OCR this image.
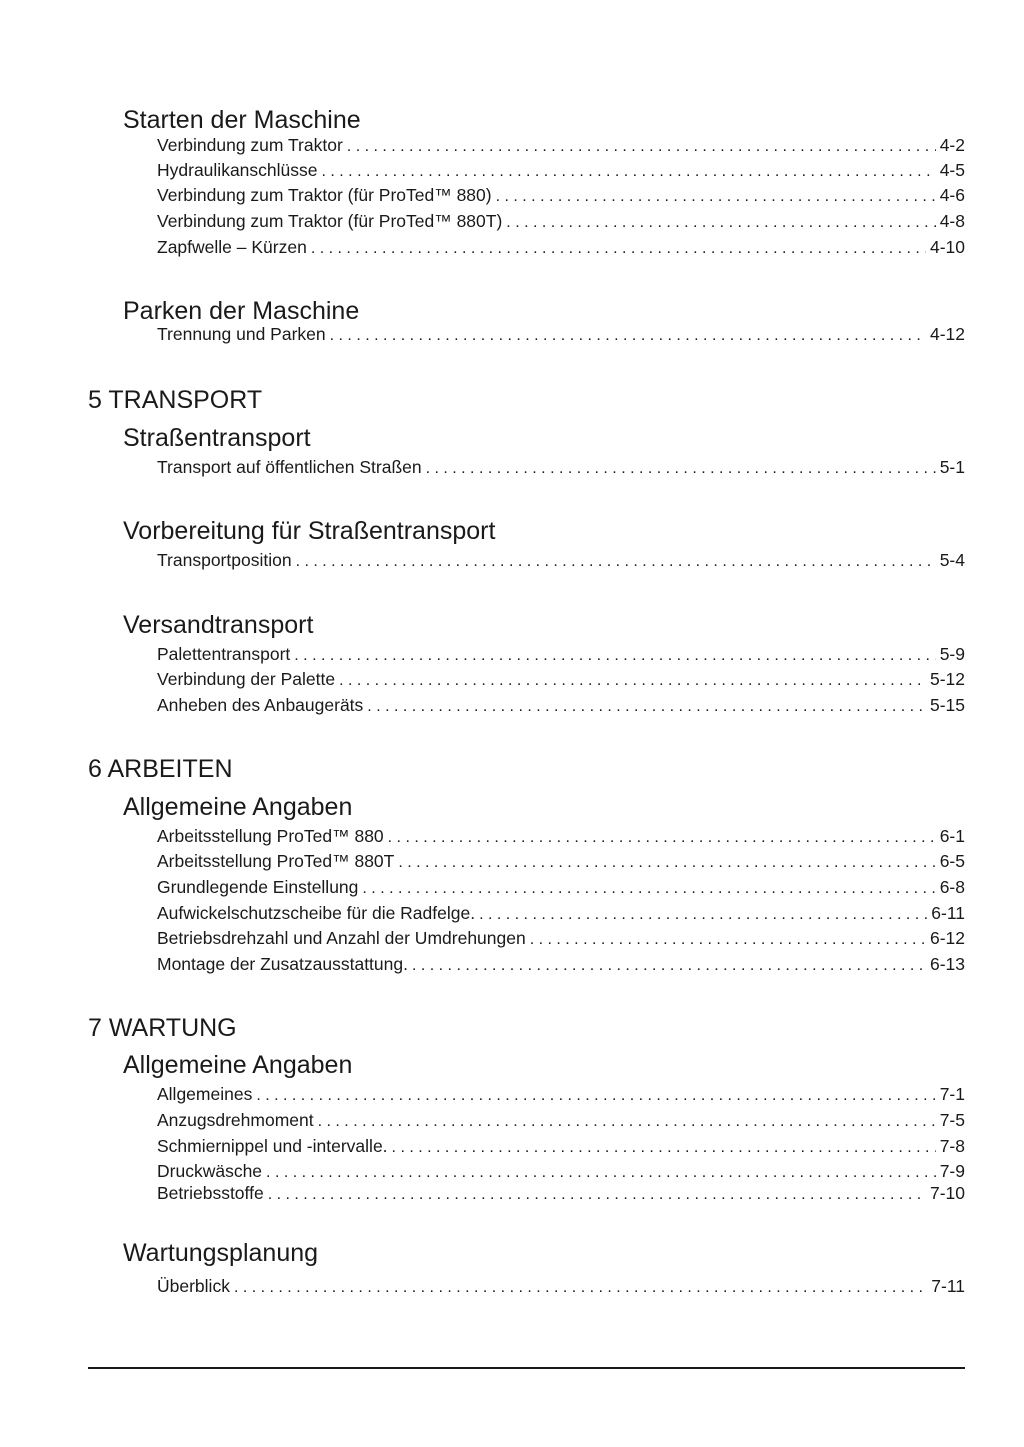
Starten der Maschine
Verbindung zum Traktor . . .	4-2
Hydraulikanschlüsse . . .	4-5
Verbindung zum Traktor (für ProTed™ 880) . . .	4-6
Verbindung zum Traktor (für ProTed™ 880T) . . .	4-8
Zapfwelle – Kürzen . . .	4-10
Parken der Maschine
Trennung und Parken . . .	4-12
5 TRANSPORT
Straßentransport
Transport auf öffentlichen Straßen . . .	5-1
Vorbereitung für Straßentransport
Transportposition . . .	5-4
Versandtransport
Palettentransport . . .	5-9
Verbindung der Palette . . .	5-12
Anheben des Anbaugeräts . . .	5-15
6 ARBEITEN
Allgemeine Angaben
Arbeitsstellung ProTed™ 880 . . .	6-1
Arbeitsstellung ProTed™ 880T . . .	6-5
Grundlegende Einstellung . . .	6-8
Aufwickelschutzscheibe für die Radfelge. . . .	6-11
Betriebsdrehzahl und Anzahl der Umdrehungen . . .	6-12
Montage der Zusatzausstattung. . . .	6-13
7 WARTUNG
Allgemeine Angaben
Allgemeines . . .	7-1
Anzugsdrehmoment . . .	7-5
Schmiernippel und -intervalle. . . .	7-8
Druckwäsche . . .	7-9
Betriebsstoffe . . .	7-10
Wartungsplanung
Überblick . . .	7-11
